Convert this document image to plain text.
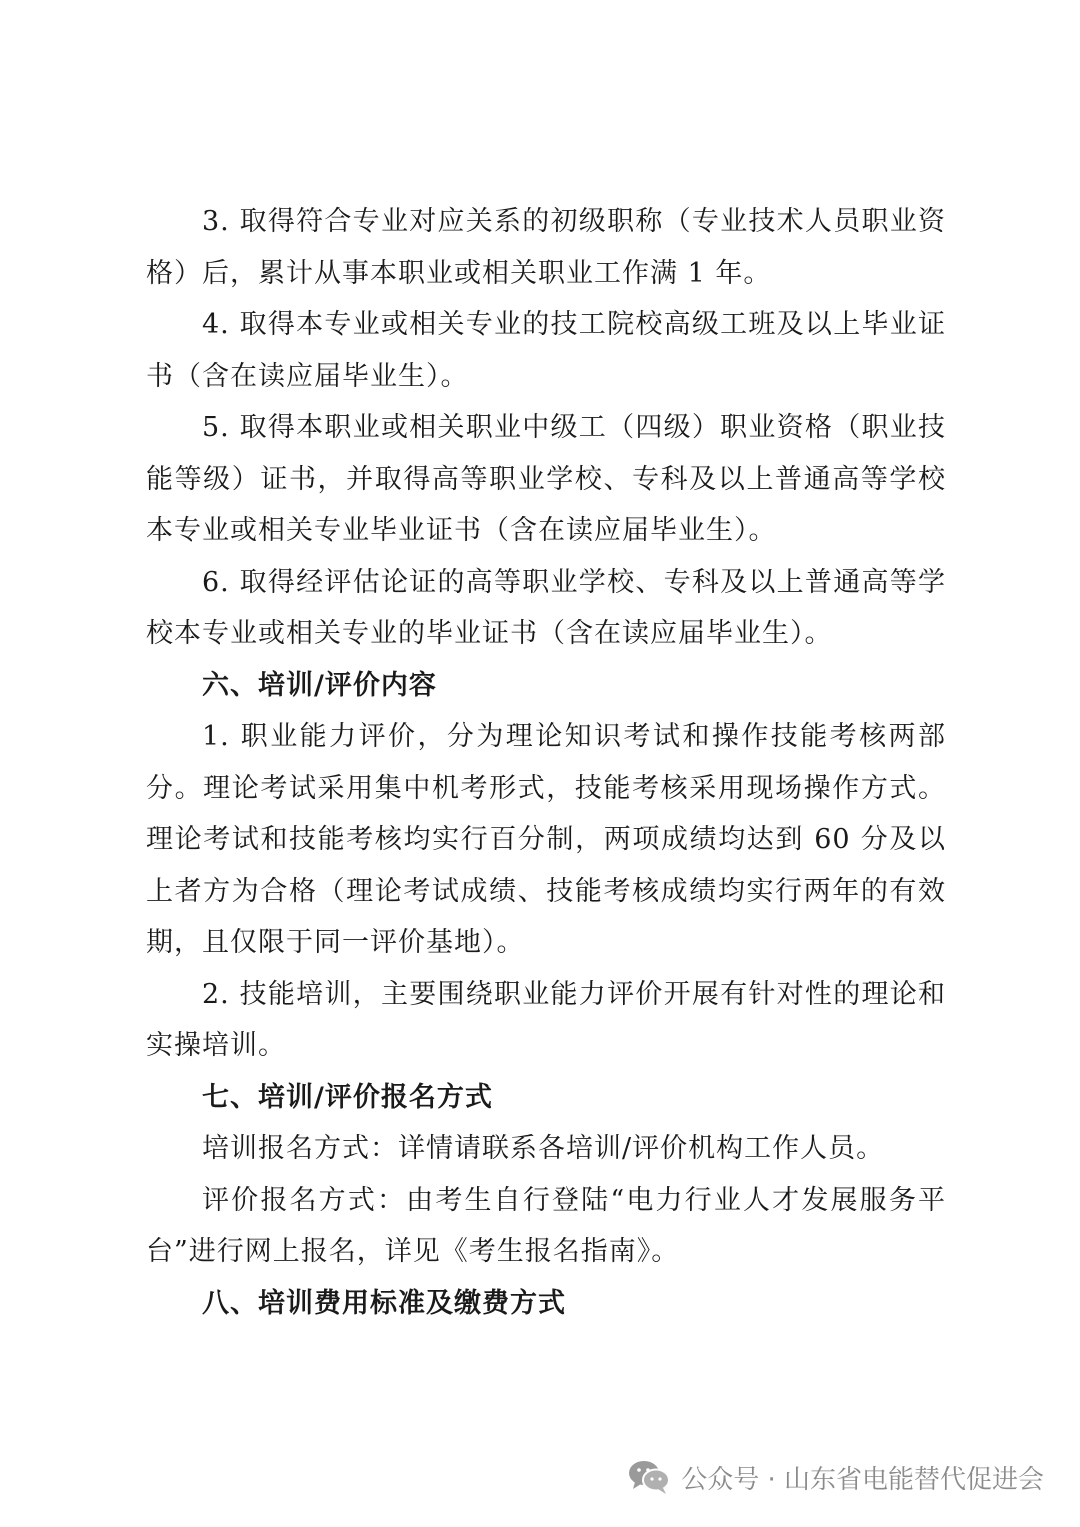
3. 取得符合专业对应关系的初级职称（专业技术人员职业资格）后，累计从事本职业或相关职业工作满 1 年。

4. 取得本专业或相关专业的技工院校高级工班及以上毕业证书（含在读应届毕业生）。

5. 取得本职业或相关职业中级工（四级）职业资格（职业技能等级）证书，并取得高等职业学校、专科及以上普通高等学校本专业或相关专业毕业证书（含在读应届毕业生）。

6. 取得经评估论证的高等职业学校、专科及以上普通高等学校本专业或相关专业的毕业证书（含在读应届毕业生）。

六、培训/评价内容

1. 职业能力评价，分为理论知识考试和操作技能考核两部分。理论考试采用集中机考形式，技能考核采用现场操作方式。理论考试和技能考核均实行百分制，两项成绩均达到 60 分及以上者方为合格（理论考试成绩、技能考核成绩均实行两年的有效期，且仅限于同一评价基地）。

2. 技能培训，主要围绕职业能力评价开展有针对性的理论和实操培训。

七、培训/评价报名方式

培训报名方式：详情请联系各培训/评价机构工作人员。

评价报名方式：由考生自行登陆“电力行业人才发展服务平台”进行网上报名，详见《考生报名指南》。

八、培训费用标准及缴费方式

公众号 · 山东省电能替代促进会
